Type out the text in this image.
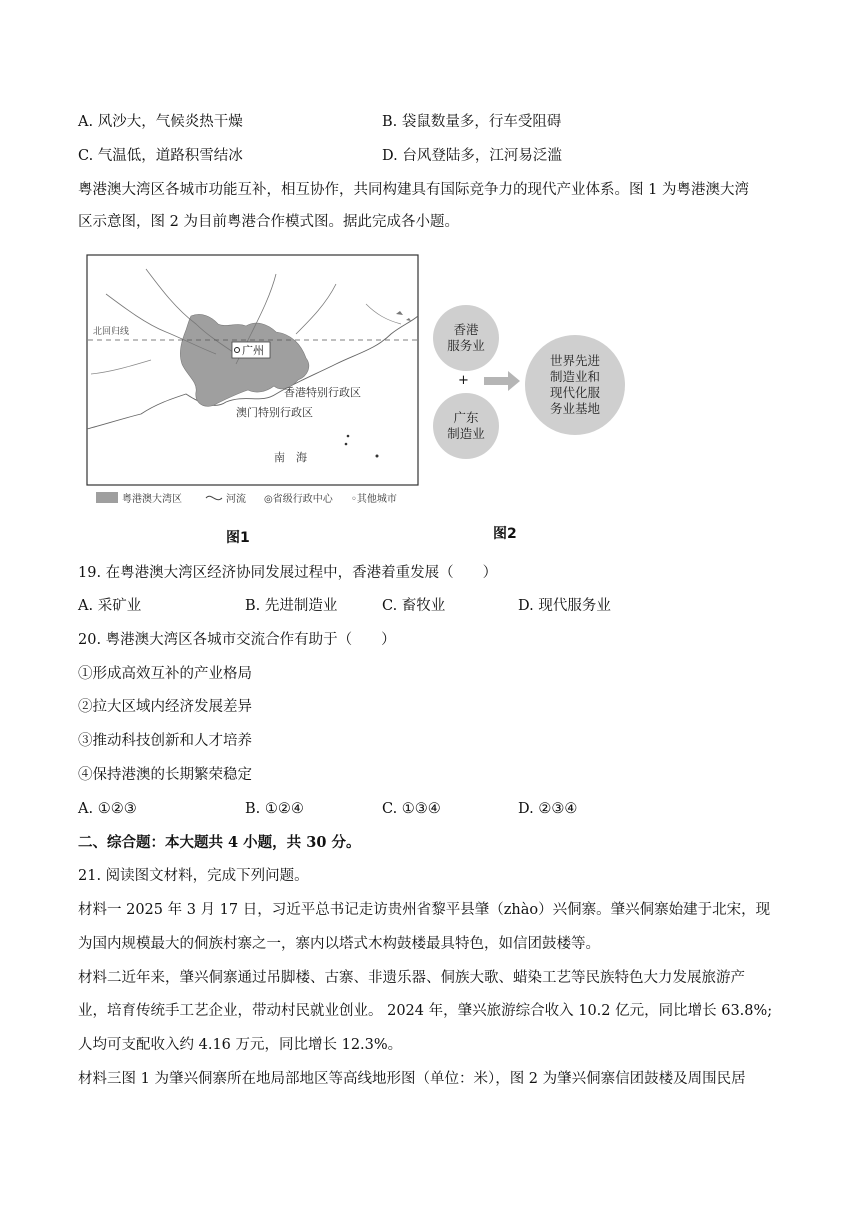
A. 风沙大，气候炎热干燥	B. 袋鼠数量多，行车受阻碍
C. 气温低，道路积雪结冰	D. 台风登陆多，江河易泛滥
粤港澳大湾区各城市功能互补，相互协作，共同构建具有国际竞争力的现代产业体系。图 1 为粤港澳大湾
区示意图，图 2 为目前粤港合作模式图。据此完成各小题。
北回归线
广州
香港特别行政区
澳门特别行政区
南　海
粤港澳大湾区	河流 ◎省级行政中心 ◦其他城市
图1
香港
服务业
+
广东
制造业
世界先进
制造业和
现代化服
务业基地
图2
19. 在粤港澳大湾区经济协同发展过程中，香港着重发展（　　）
A. 采矿业	B. 先进制造业	C. 畜牧业	D. 现代服务业
20. 粤港澳大湾区各城市交流合作有助于（　　）
①形成高效互补的产业格局
②拉大区域内经济发展差异
③推动科技创新和人才培养
④保持港澳的长期繁荣稳定
A. ①②③	B. ①②④	C. ①③④	D. ②③④
二、综合题：本大题共 4 小题，共 30 分。
21. 阅读图文材料，完成下列问题。
材料一 2025 年 3 月 17 日，习近平总书记走访贵州省黎平县肇（zhào）兴侗寨。肇兴侗寨始建于北宋，现
为国内规模最大的侗族村寨之一，寨内以塔式木构鼓楼最具特色，如信团鼓楼等。
材料二近年来，肇兴侗寨通过吊脚楼、古寨、非遗乐器、侗族大歌、蜡染工艺等民族特色大力发展旅游产
业，培育传统手工艺企业，带动村民就业创业。 2024 年，肇兴旅游综合收入 10.2 亿元，同比增长 63.8%;
人均可支配收入约 4.16 万元，同比增长 12.3%。
材料三图 1 为肇兴侗寨所在地局部地区等高线地形图（单位：米），图 2 为肇兴侗寨信团鼓楼及周围民居
